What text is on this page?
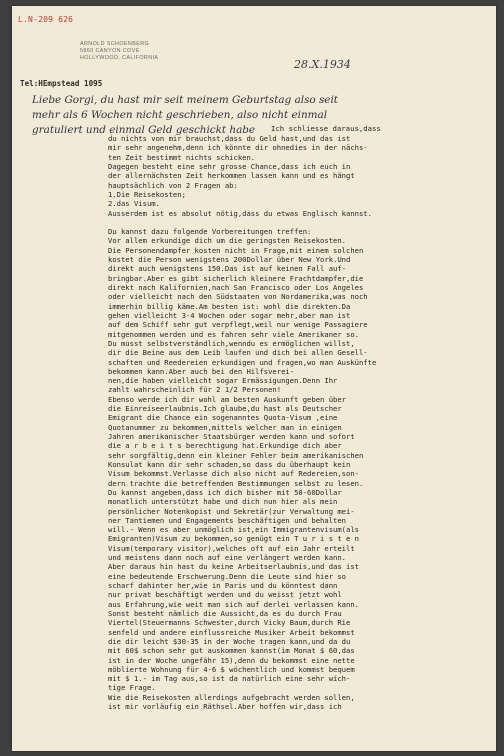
L.N-209 626
ARNOLD SCHOENBERG
5860 CANYON COVE
HOLLYWOOD, CALIFORNIA
Tel:HEmpstead 1095
28.X.1934
Liebe Gorgi, du hast mir seit meinem Geburtstag also seit
mehr als 6 Wochen nicht geschrieben, also nicht einmal
gratuliert und einmal Geld geschickt habe	Ich schliesse daraus,dass
du nichts von mir brauchst,dass du Geld hast,und das ist
mir sehr angenehm,denn ich könnte dir ohnedies in der nächs-
ten Zeit bestimmt nichts schicken.
Dagegen besteht eine sehr grosse Chance,dass ich euch in
der allernächsten Zeit herkommen lassen kann und es hängt
hauptsächlich von 2 Fragen ab:
1.Die Reisekosten;
2.das Visum.
Ausserdem ist es absolut nötig,dass du etwas Englisch kannst.
Du kannst dazu folgende Vorbereitungen treffen:
Vor allem erkundige dich um die geringsten Reisekosten.
Die Personendampfer kosten nicht in Frage,mit einem solchen
kostet die Person wenigstens 200Dollar über New York.Und
direkt auch wenigstens 150.Das ist auf keinen Fall auf-
bringbar.Aber es gibt sicherlich kleinere Frachtdampfer,die
direkt nach Kalifornien,nach San Francisco oder Los Angeles
oder vielleicht nach den Südstaaten von Nordamerika,was noch
immerhin billig käme.Am besten ist: wohl die direkten.Da
gehen vielleicht 3-4 Wochen oder sogar mehr,aber man ist
auf dem Schiff sehr gut verpflegt,weil nur wenige Passagiere
mitgenommen werden und es fahren sehr viele Amerikaner so.
Du musst selbstverständlich,wenndu es ermöglichen willst,
dir die Beine aus dem Leib laufen und dich bei allen Gesell-
schaften und Reedereien erkundigen und fragen,wo man Auskünfte
bekommen kann.Aber auch bei den Hilfsverei-
nen,die haben vielleicht sogar Ermässigungen.Denn Ihr
zahlt wahrscheinlich für 2 1/2 Personen!
Ebenso werde ich dir wohl am besten Auskunft geben über
die Einreiseerlaubnis.Ich glaube,du hast als Deutscher
Emigrant die Chance ein sogenanntes Quota-Visum ,eine
Quotanummer zu bekommen,mittels welcher man in einigen
Jahren amerikanischer Staatsbürger werden kann und sofort
die a r b e i t s berechtigung hat.Erkundige dich aber
sehr sorgfältig,denn ein kleiner Fehler beim amerikanischen
Konsulat kann dir sehr schaden,so dass du überhaupt kein
Visum bekommst.Verlasse dich also nicht auf Redereien,son-
dern trachte die betreffenden Bestimmungen selbst zu lesen.
Du kannst angeben,dass ich dich bisher mit 50-60Dollar
monatlich unterstützt habe und dich nun hier als mein
persönlicher Notenkopist und Sekretär(zur Verwaltung mei-
ner Tantiemen und Engagements beschäftigen und behalten
will.- Wenn es aber unmöglich ist,ein Immigrantenvisum(als
Emigranten)Visum zu bekommen,so genügt ein T u r i s t e n
Visum(temporary visitor),welches oft auf ein Jahr erteilt
und meistens dann noch auf eine verlängert werden kann.
Aber daraus hin hast du keine Arbeitserlaubnis,und das ist
eine bedeutende Erschwerung.Denn die Leute sind hier so
scharf dahinter her,wie in Paris und du könntest dann
nur privat beschäftigt werden und du weisst jetzt wohl
aus Erfahrung,wie weit man sich auf derlei verlassen kann.
Sonst besteht nämlich die Aussicht,da es du durch Frau
Viertel(Steuermanns Schwester,durch Vicky Baum,durch Rie
senfeld und andere einflussreiche Musiker Arbeit bekommst
die dir leicht $30-35 in der Woche tragen kann,und da du
mit 60$ schon sehr gut auskommen kannst(im Monat $ 60,das
ist in der Woche ungefähr 15),denn du bekommst eine nette
möblierte Wohnung für 4-6 $ wöchentlich und kommst bequem
mit $ 1.- im Tag aus,so ist da natürlich eine sehr wich-
tige Frage.
Wie die Reisekosten allerdings aufgebracht werden sollen,
ist mir vorläufig ein Räthsel.Aber hoffen wir,dass ich
